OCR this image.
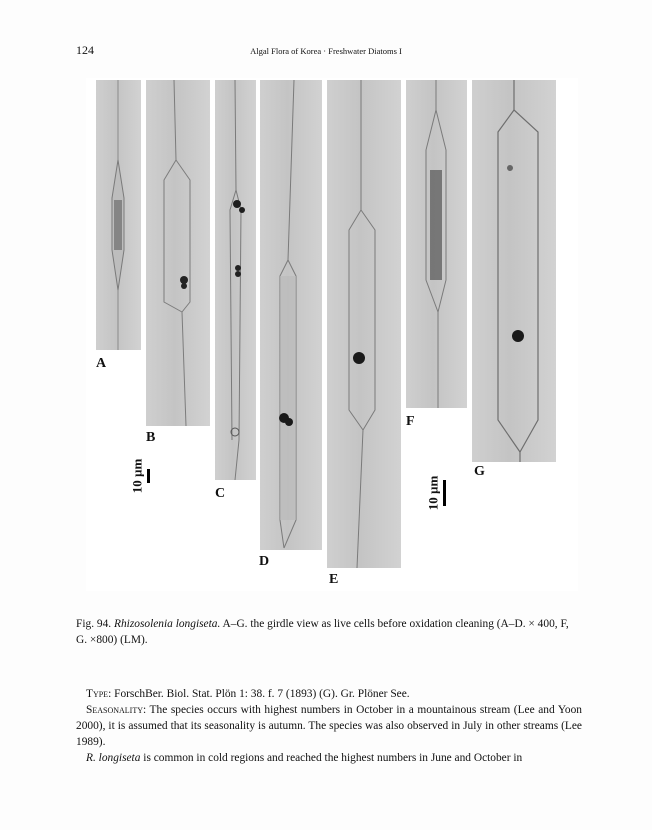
124	Algal Flora of Korea · Freshwater Diatoms I
A
B
C
D
E
F
G
10 µm	10 µm
Fig. 94. Rhizosolenia longiseta. A–G. the girdle view as live cells before oxidation cleaning (A–D. × 400, F, G. ×800) (LM).

Type: ForschBer. Biol. Stat. Plön 1: 38. f. 7 (1893) (G). Gr. Plöner See.

Seasonality: The species occurs with highest numbers in October in a mountainous stream (Lee and Yoon 2000), it is assumed that its seasonality is autumn. The species was also observed in July in other streams (Lee 1989).

R. longiseta is common in cold regions and reached the highest numbers in June and October in
